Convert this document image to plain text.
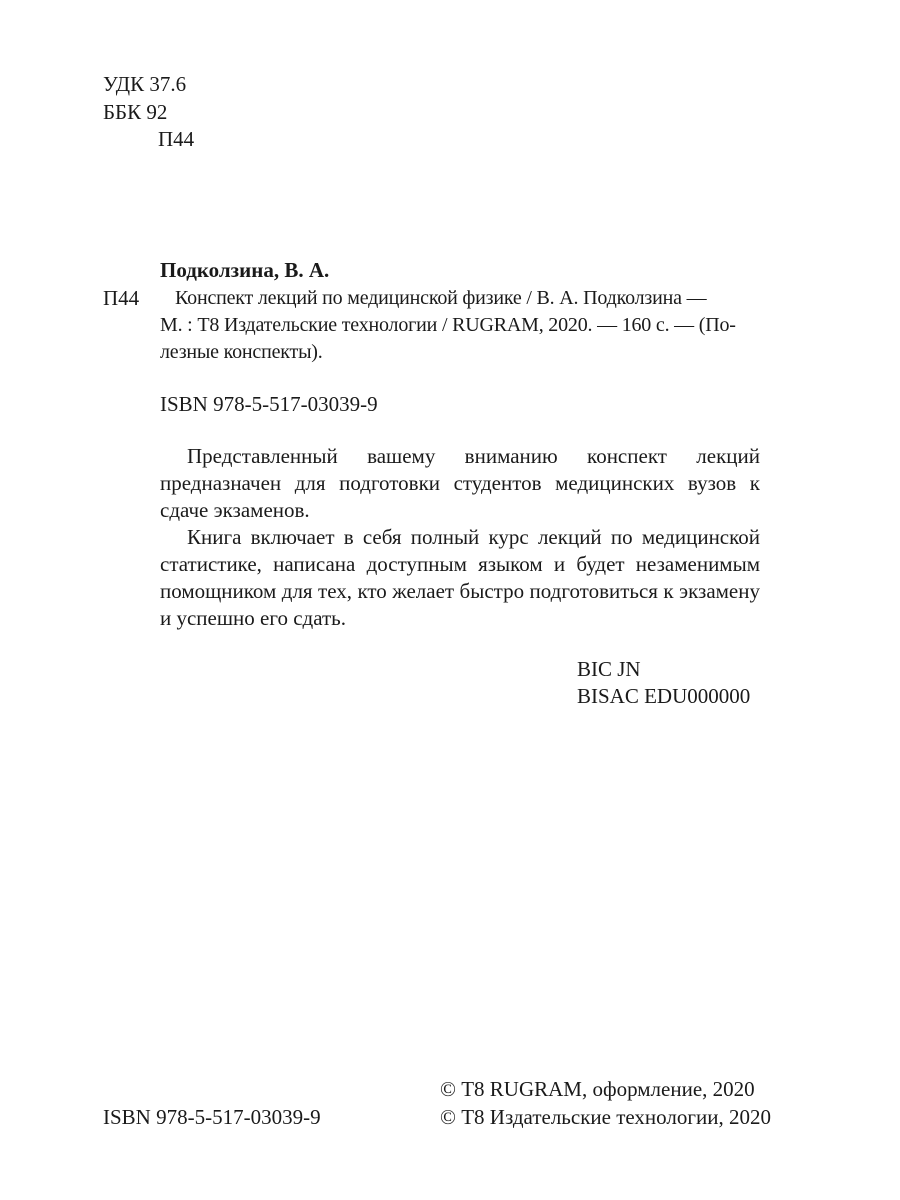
УДК 37.6
ББК 92
П44
Подколзина, В. А.
П44 Конспект лекций по медицинской физике / В. А. Подколзина —
М. : Т8 Издательские технологии / RUGRAM, 2020. — 160 с. — (По-
лезные конспекты).
ISBN 978-5-517-03039-9

Представленный вашему вниманию конспект лекций предназначен для подготовки студентов медицинских вузов к сдаче экзаменов.

Книга включает в себя полный курс лекций по медицинской статистике, написана доступным языком и будет незаменимым помощником для тех, кто желает быстро подготовиться к экзамену и успешно его сдать.

BIC JN
BISAC EDU000000
ISBN 978-5-517-03039-9
© Т8 RUGRAM, оформление, 2020
© Т8 Издательские технологии, 2020
